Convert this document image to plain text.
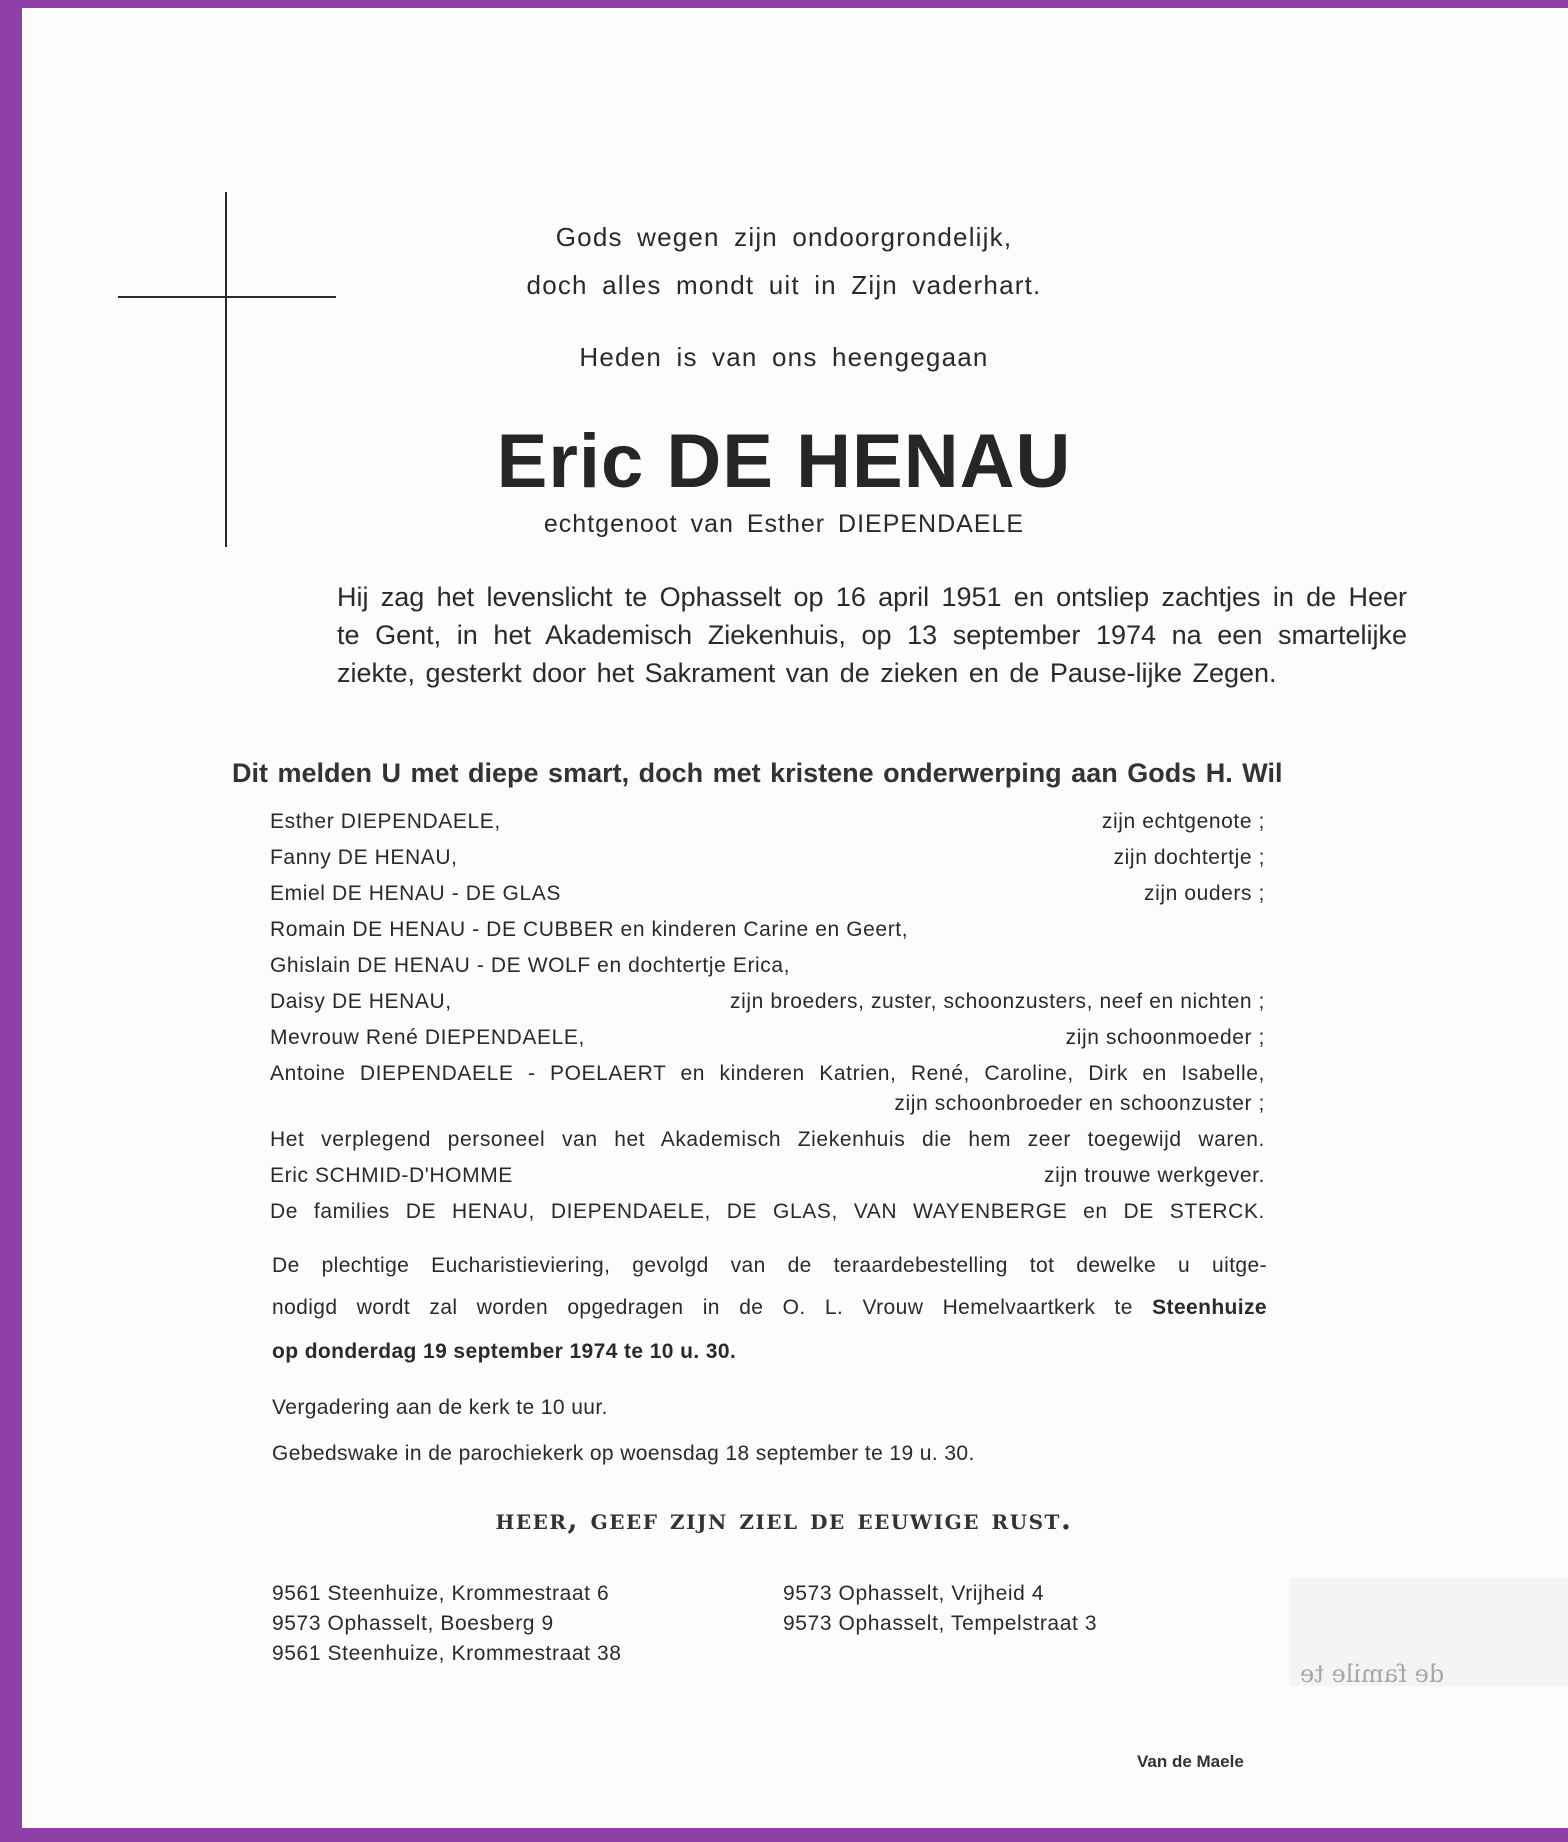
Gods wegen zijn ondoorgrondelijk,
doch alles mondt uit in Zijn vaderhart.
Heden is van ons heengegaan
Eric DE HENAU
echtgenoot van Esther DIEPENDAELE
Hij zag het levenslicht te Ophasselt op 16 april 1951 en ontsliep zachtjes in de Heer te Gent, in het Akademisch Ziekenhuis, op 13 september 1974 na een smartelijke ziekte, gesterkt door het Sakrament van de zieken en de Pause-lijke Zegen.
Dit melden U met diepe smart, doch met kristene onderwerping aan Gods H. Wil
Esther DIEPENDAELE,	zijn echtgenote ;
Fanny DE HENAU,	zijn dochtertje ;
Emiel DE HENAU - DE GLAS	zijn ouders ;
Romain DE HENAU - DE CUBBER en kinderen Carine en Geert,
Ghislain DE HENAU - DE WOLF en dochtertje Erica,
Daisy DE HENAU,	zijn broeders, zuster, schoonzusters, neef en nichten ;
Mevrouw René DIEPENDAELE,	zijn schoonmoeder ;
Antoine DIEPENDAELE - POELAERT en kinderen Katrien, René, Caroline, Dirk en Isabelle,
zijn schoonbroeder en schoonzuster ;
Het verplegend personeel van het Akademisch Ziekenhuis die hem zeer toegewijd waren.
Eric SCHMID-D'HOMME	zijn trouwe werkgever.
De families DE HENAU, DIEPENDAELE, DE GLAS, VAN WAYENBERGE en DE STERCK.
De plechtige Eucharistieviering, gevolgd van de teraardebestelling tot dewelke u uitge-
nodigd wordt zal worden opgedragen in de O. L. Vrouw Hemelvaartkerk te Steenhuize
op donderdag 19 september 1974 te 10 u. 30.
Vergadering aan de kerk te 10 uur.
Gebedswake in de parochiekerk op woensdag 18 september te 19 u. 30.
heer, geef zijn ziel de eeuwige rust.
9561 Steenhuize, Krommestraat 6
9573 Ophasselt, Boesberg 9
9561 Steenhuize, Krommestraat 38
9573 Ophasselt, Vrijheid 4
9573 Ophasselt, Tempelstraat 3
de famile te
Van de Maele
